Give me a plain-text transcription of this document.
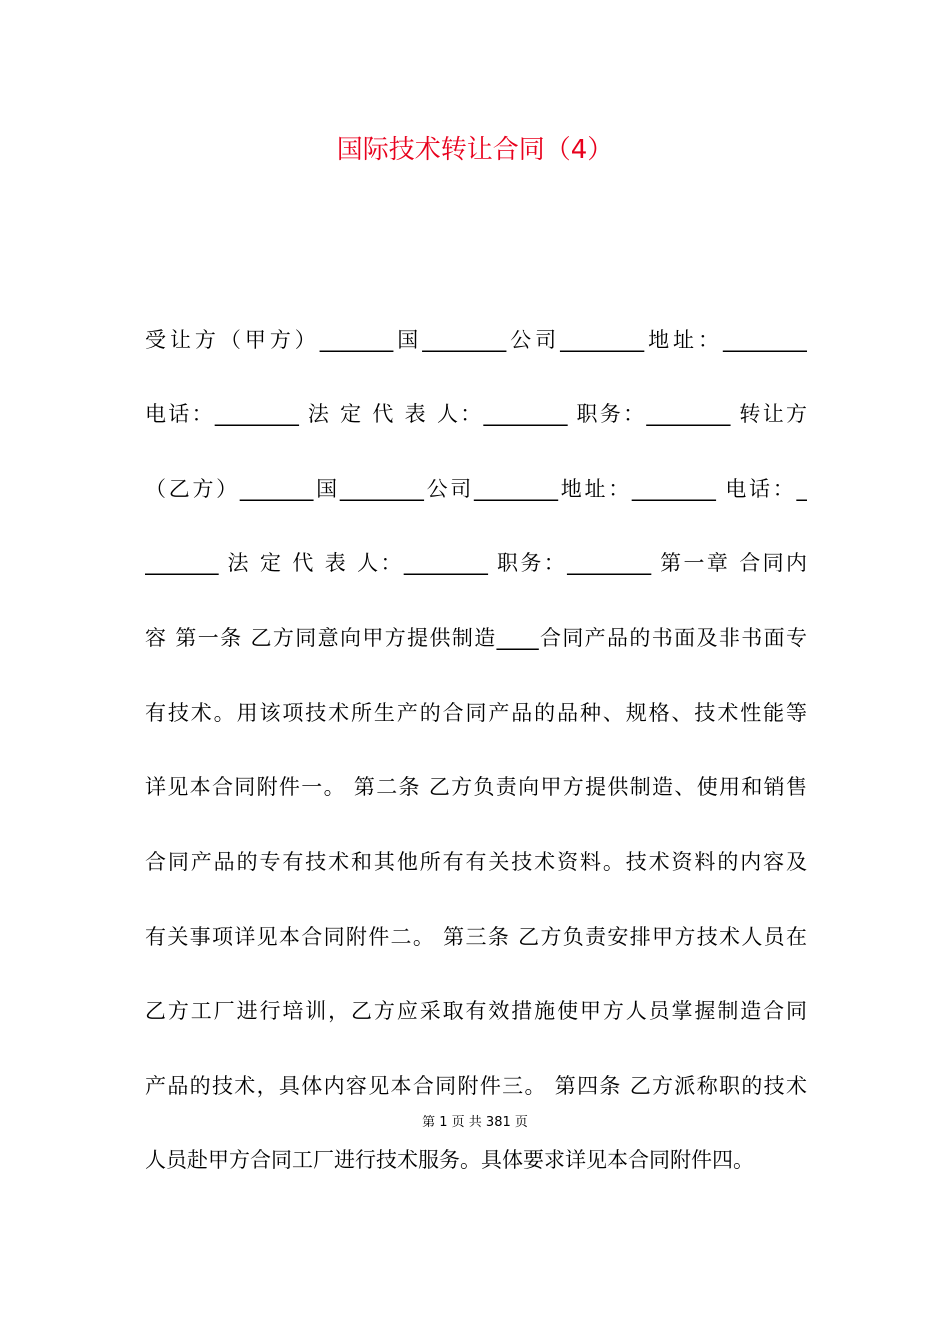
国际技术转让合同（4）
受让方（甲方）_______国________公司________地址：________
电话：________ 法 定 代 表 人：________ 职务：________ 转让方
（乙方）_______国________公司________地址：________ 电话：_
_______ 法 定 代 表 人：________ 职务：________ 第一章 合同内
容 第一条 乙方同意向甲方提供制造____合同产品的书面及非书面专
有技术。用该项技术所生产的合同产品的品种、规格、技术性能等
详见本合同附件一。 第二条 乙方负责向甲方提供制造、使用和销售
合同产品的专有技术和其他所有有关技术资料。技术资料的内容及
有关事项详见本合同附件二。 第三条 乙方负责安排甲方技术人员在
乙方工厂进行培训，乙方应采取有效措施使甲方人员掌握制造合同
产品的技术，具体内容见本合同附件三。 第四条 乙方派称职的技术
第 1 页 共 381 页
人员赴甲方合同工厂进行技术服务。具体要求详见本合同附件四。
